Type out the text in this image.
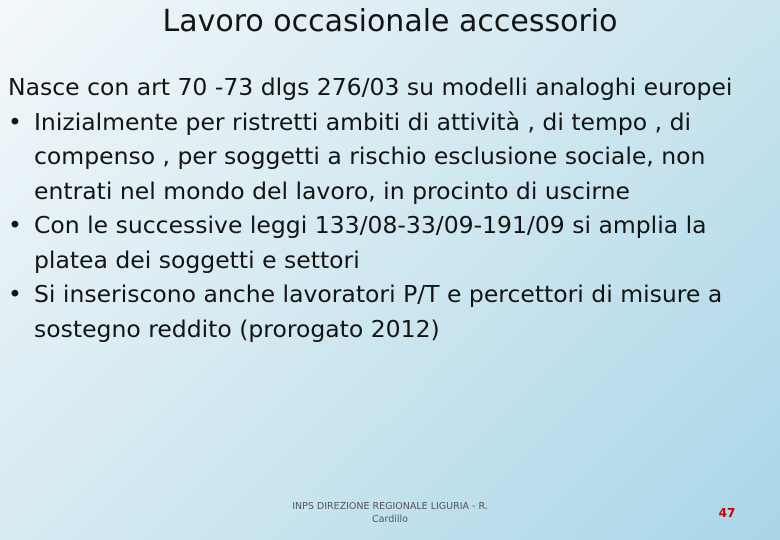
Lavoro occasionale accessorio

Nasce con art 70 -73 dlgs 276/03 su modelli analoghi europei

• Inizialmente per ristretti ambiti di attività , di tempo , di compenso , per soggetti a rischio esclusione sociale, non entrati nel mondo del lavoro, in procinto di uscirne
• Con le successive leggi 133/08-33/09-191/09 si amplia la platea dei soggetti e settori
• Si inseriscono anche lavoratori P/T e percettori di misure a sostegno reddito (prorogato 2012)
INPS DIREZIONE REGIONALE LIGURIA - R. Cardillo	47
